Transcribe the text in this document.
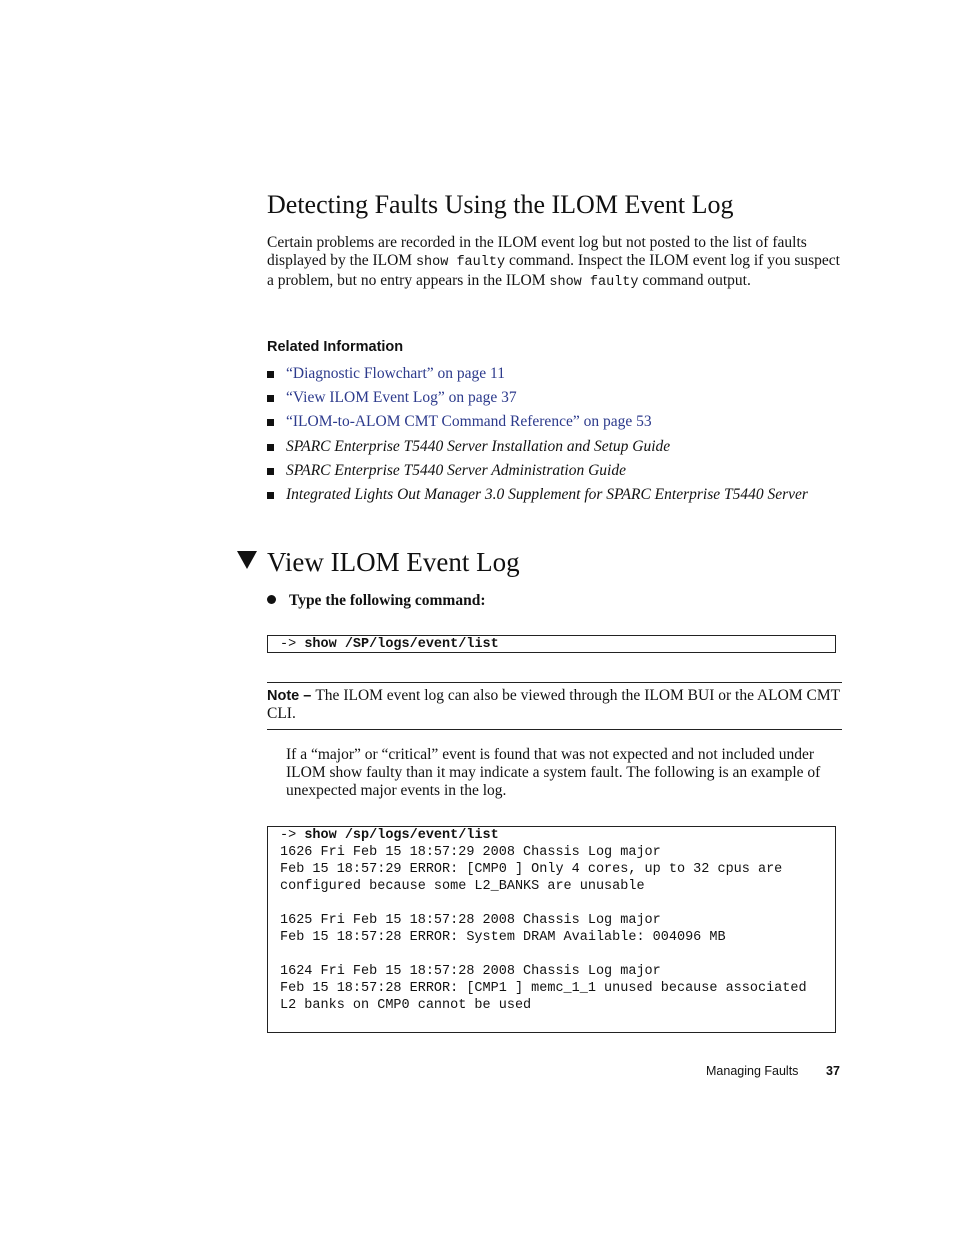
Detecting Faults Using the ILOM Event Log

Certain problems are recorded in the ILOM event log but not posted to the list of faults displayed by the ILOM show faulty command. Inspect the ILOM event log if you suspect a problem, but no entry appears in the ILOM show faulty command output.

Related Information
“Diagnostic Flowchart” on page 11
“View ILOM Event Log” on page 37
“ILOM-to-ALOM CMT Command Reference” on page 53
SPARC Enterprise T5440 Server Installation and Setup Guide
SPARC Enterprise T5440 Server Administration Guide
Integrated Lights Out Manager 3.0 Supplement for SPARC Enterprise T5440 Server
View ILOM Event Log
Type the following command:
-> show /SP/logs/event/list
Note – The ILOM event log can also be viewed through the ILOM BUI or the ALOM CMT CLI.

If a “major” or “critical” event is found that was not expected and not included under ILOM show faulty than it may indicate a system fault. The following is an example of unexpected major events in the log.

-> show /sp/logs/event/list
1626 Fri Feb 15 18:57:29 2008 Chassis Log major
Feb 15 18:57:29 ERROR: [CMP0 ] Only 4 cores, up to 32 cpus are
configured because some L2_BANKS are unusable

1625 Fri Feb 15 18:57:28 2008 Chassis Log major
Feb 15 18:57:28 ERROR: System DRAM Available: 004096 MB

1624 Fri Feb 15 18:57:28 2008 Chassis Log major
Feb 15 18:57:28 ERROR: [CMP1 ] memc_1_1 unused because associated
L2 banks on CMP0 cannot be used
Managing Faults 37
